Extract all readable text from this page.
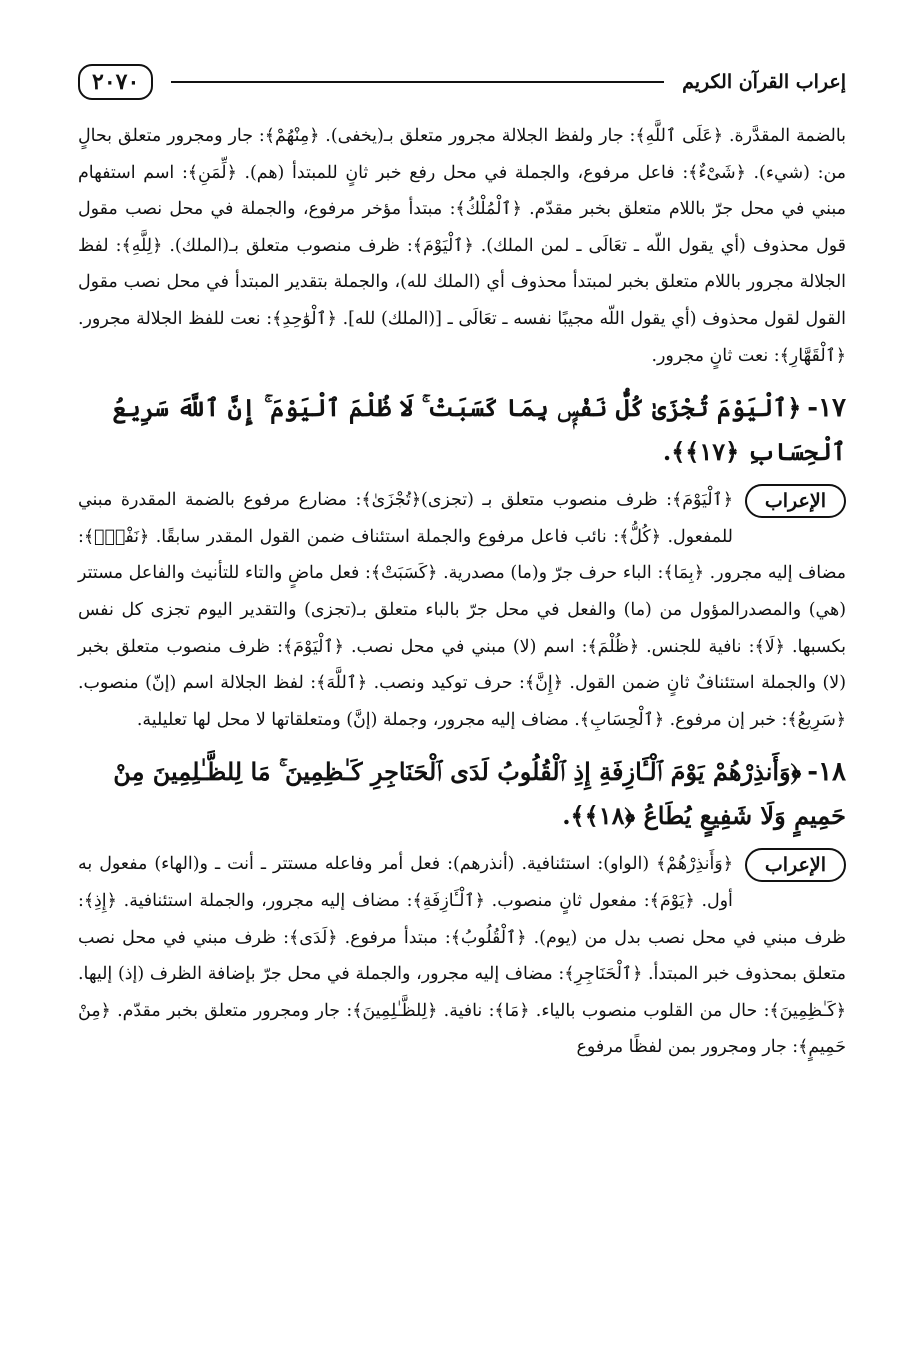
إعراب القرآن الكريم
٢٠٧٠

بالضمة المقدَّرة. ﴿عَلَى ٱللَّهِ﴾: جار ولفظ الجلالة مجرور متعلق بـ(يخفى). ﴿مِنْهُمْ﴾: جار ومجرور متعلق بحالٍ من: (شيء). ﴿شَىْءٌ﴾: فاعل مرفوع، والجملة في محل رفع خبر ثانٍ للمبتدأ (هم). ﴿لِّمَنِ﴾: اسم استفهام مبني في محل جرّ باللام متعلق بخبر مقدّم. ﴿ٱلْمُلْكُ﴾: مبتدأ مؤخر مرفوع، والجملة في محل نصب مقول قول محذوف (أي يقول اللّه ـ تعَالَى ـ لمن الملك). ﴿ٱلْيَوْمَ﴾: ظرف منصوب متعلق بـ(الملك). ﴿لِلَّهِ﴾: لفظ الجلالة مجرور باللام متعلق بخبر لمبتدأ محذوف أي (الملك لله)، والجملة بتقدير المبتدأ في محل نصب مقول القول لقول محذوف (أي يقول اللّه مجيبًا نفسه ـ تعَالَى ـ [(الملك) لله]. ﴿ٱلْوَٰحِدِ﴾: نعت للفظ الجلالة مجرور. ﴿ٱلْقَهَّارِ﴾: نعت ثانٍ مجرور.

١٧-﴿ٱلْيَوْمَ تُجْزَىٰ كُلُّ نَفْسٍۭ بِمَا كَسَبَتْ ۚ لَا ظُلْمَ ٱلْيَوْمَ ۚ إِنَّ ٱللَّهَ سَرِيعُ ٱلْحِسَابِ ﴿١٧﴾﴾.

الإعراب
﴿ٱلْيَوْمَ﴾: ظرف منصوب متعلق بـ (تجزى)﴿تُجْزَىٰ﴾: مضارع مرفوع بالضمة المقدرة مبني للمفعول. ﴿كُلُّ﴾: نائب فاعل مرفوع والجملة استئناف ضمن القول المقدر سابقًا. ﴿نَفْسٍۭ﴾: مضاف إليه مجرور. ﴿بِمَا﴾: الباء حرف جرّ و(ما) مصدرية. ﴿كَسَبَتْ﴾: فعل ماضٍ والتاء للتأنيث والفاعل مستتر (هي) والمصدرالمؤول من (ما) والفعل في محل جرّ بالباء متعلق بـ(تجزى) والتقدير اليوم تجزى كل نفس بكسبها. ﴿لَا﴾: نافية للجنس. ﴿ظُلْمَ﴾: اسم (لا) مبني في محل نصب. ﴿ٱلْيَوْمَ﴾: ظرف منصوب متعلق بخبر (لا) والجملة استئنافٌ ثانٍ ضمن القول. ﴿إِنَّ﴾: حرف توكيد ونصب. ﴿ٱللَّهَ﴾: لفظ الجلالة اسم (إنّ) منصوب. ﴿سَرِيعُ﴾: خبر إن مرفوع. ﴿ٱلْحِسَابِ﴾. مضاف إليه مجرور، وجملة (إنَّ) ومتعلقاتها لا محل لها تعليلية.

١٨-﴿وَأَنذِرْهُمْ يَوْمَ ٱلْـَٔازِفَةِ إِذِ ٱلْقُلُوبُ لَدَى ٱلْحَنَاجِرِ كَـٰظِمِينَ ۚ مَا لِلظَّـٰلِمِينَ مِنْ حَمِيمٍ وَلَا شَفِيعٍ يُطَاعُ ﴿١٨﴾﴾.

الإعراب
﴿وَأَنذِرْهُمْ﴾ (الواو): استئنافية. (أنذرهم): فعل أمر وفاعله مستتر ـ أنت ـ و(الهاء) مفعول به أول. ﴿يَوْمَ﴾: مفعول ثانٍ منصوب. ﴿ٱلْـَٔازِفَةِ﴾: مضاف إليه مجرور، والجملة استئنافية. ﴿إِذِ﴾: ظرف مبني في محل نصب بدل من (يوم). ﴿ٱلْقُلُوبُ﴾: مبتدأ مرفوع. ﴿لَدَى﴾: ظرف مبني في محل نصب متعلق بمحذوف خبر المبتدأ. ﴿ٱلْحَنَاجِرِ﴾: مضاف إليه مجرور، والجملة في محل جرّ بإضافة الظرف (إذ) إليها. ﴿كَـٰظِمِينَ﴾: حال من القلوب منصوب بالياء. ﴿مَا﴾: نافية. ﴿لِلظَّـٰلِمِينَ﴾: جار ومجرور متعلق بخبر مقدّم. ﴿مِنْ حَمِيمٍ﴾: جار ومجرور بمن لفظًا مرفوع
